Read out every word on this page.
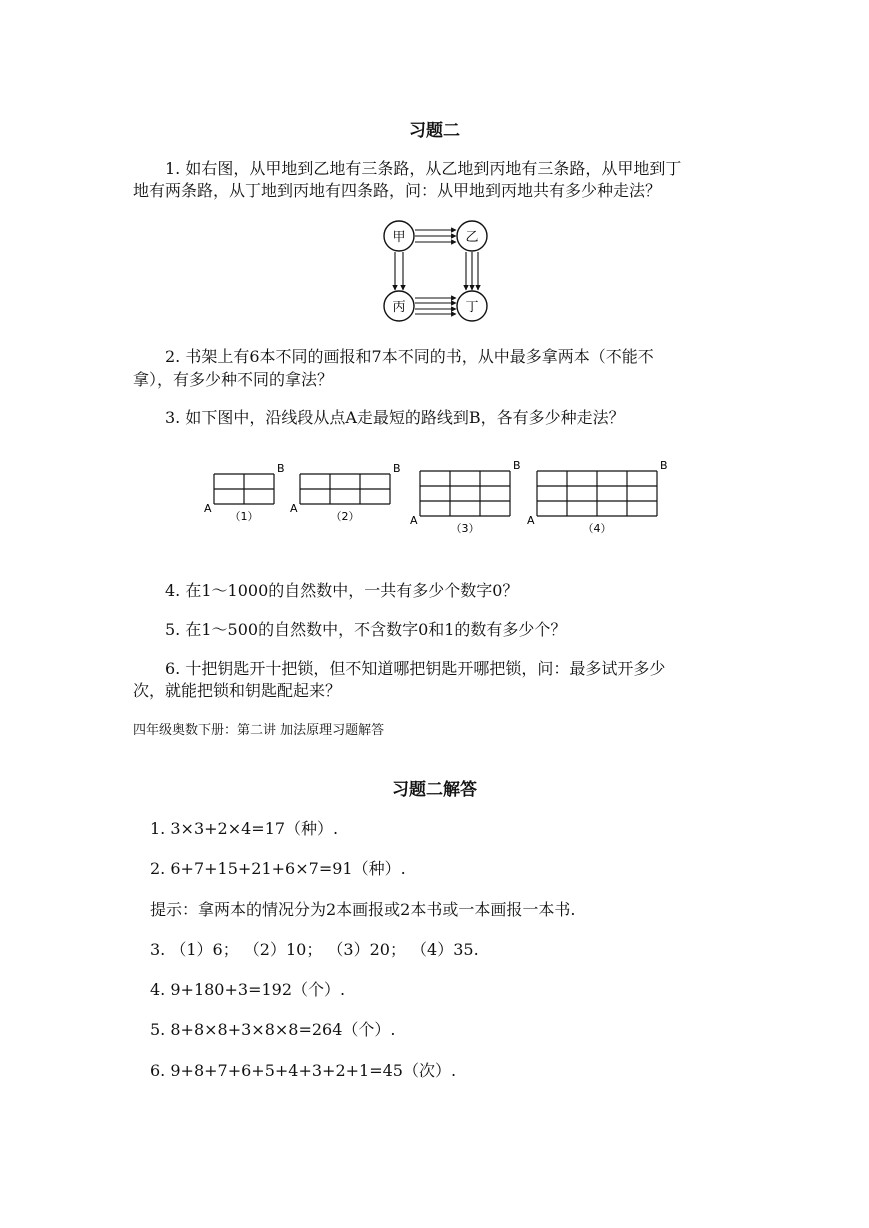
习题二
1. 如右图，从甲地到乙地有三条路，从乙地到丙地有三条路，从甲地到丁
地有两条路，从丁地到丙地有四条路，问：从甲地到丙地共有多少种走法？
甲	乙
丙	丁
2. 书架上有6本不同的画报和7本不同的书，从中最多拿两本（不能不
拿），有多少种不同的拿法？
3. 如下图中，沿线段从点A走最短的路线到B，各有多少种走法？
A
B
（1）
A
B
（2）	A
B
（3）
A
B
（4）
4. 在1～1000的自然数中，一共有多少个数字0？
5. 在1～500的自然数中，不含数字0和1的数有多少个？
6. 十把钥匙开十把锁，但不知道哪把钥匙开哪把锁，问：最多试开多少
次，就能把锁和钥匙配起来？
四年级奥数下册：第二讲 加法原理习题解答
习题二解答
1. 3×3+2×4=17（种）.
2. 6+7+15+21+6×7=91（种）.
提示：拿两本的情况分为2本画报或2本书或一本画报一本书.
3. （1）6； （2）10； （3）20； （4）35.
4. 9+180+3=192（个）.
5. 8+8×8+3×8×8=264（个）.
6. 9+8+7+6+5+4+3+2+1=45（次）.
